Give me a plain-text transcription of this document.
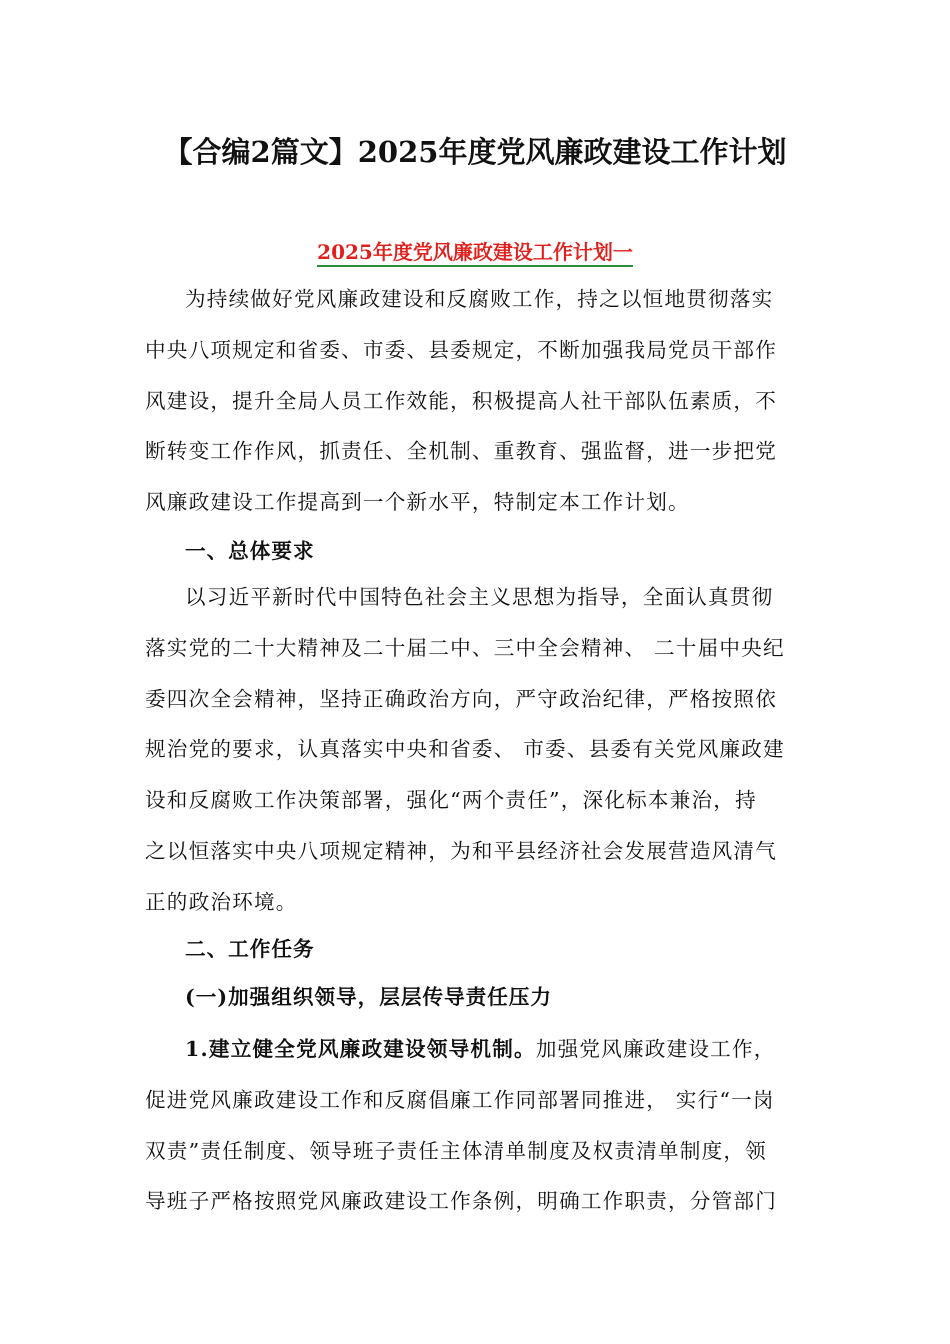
【合编2篇文】2025年度党风廉政建设工作计划
2025年度党风廉政建设工作计划一
为持续做好党风廉政建设和反腐败工作，持之以恒地贯彻落实
中央八项规定和省委、市委、县委规定，不断加强我局党员干部作
风建设，提升全局人员工作效能，积极提高人社干部队伍素质，不
断转变工作作风，抓责任、全机制、重教育、强监督，进一步把党
风廉政建设工作提高到一个新水平，特制定本工作计划。
一、总体要求
以习近平新时代中国特色社会主义思想为指导，全面认真贯彻
落实党的二十大精神及二十届二中、三中全会精神、 二十届中央纪
委四次全会精神，坚持正确政治方向，严守政治纪律，严格按照依
规治党的要求，认真落实中央和省委、 市委、县委有关党风廉政建
设和反腐败工作决策部署，强化“两个责任”，深化标本兼治，持
之以恒落实中央八项规定精神，为和平县经济社会发展营造风清气
正的政治环境。
二、工作任务
(一)加强组织领导，层层传导责任压力
1.建立健全党风廉政建设领导机制。加强党风廉政建设工作，
促进党风廉政建设工作和反腐倡廉工作同部署同推进， 实行“一岗
双责”责任制度、领导班子责任主体清单制度及权责清单制度，领
导班子严格按照党风廉政建设工作条例，明确工作职责，分管部门
